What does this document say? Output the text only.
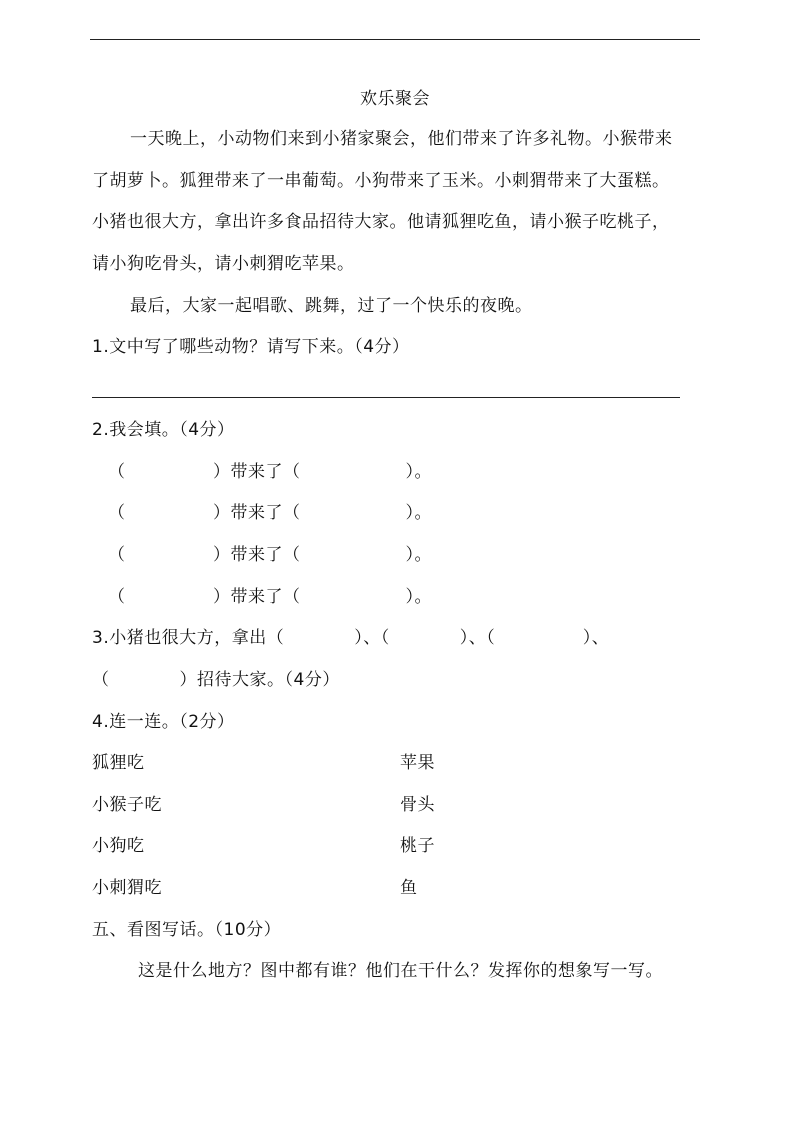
欢乐聚会
一天晚上，小动物们来到小猪家聚会，他们带来了许多礼物。小猴带来
了胡萝卜。狐狸带来了一串葡萄。小狗带来了玉米。小刺猬带来了大蛋糕。
小猪也很大方，拿出许多食品招待大家。他请狐狸吃鱼，请小猴子吃桃子，
请小狗吃骨头，请小刺猬吃苹果。
最后，大家一起唱歌、跳舞，过了一个快乐的夜晚。
1.文中写了哪些动物？请写下来。（4分）
2.我会填。（4分）
（　　　　　）带来了（　　　　　　）。
（　　　　　）带来了（　　　　　　）。
（　　　　　）带来了（　　　　　　）。
（　　　　　）带来了（　　　　　　）。
3.小猪也很大方，拿出（　　　　）、（　　　　）、（　　　　　）、
（　　　　）招待大家。（4分）
4.连一连。（2分）
狐狸吃	苹果
小猴子吃	骨头
小狗吃	桃子
小刺猬吃	鱼
五、看图写话。（10分）
这是什么地方？图中都有谁？他们在干什么？发挥你的想象写一写。
